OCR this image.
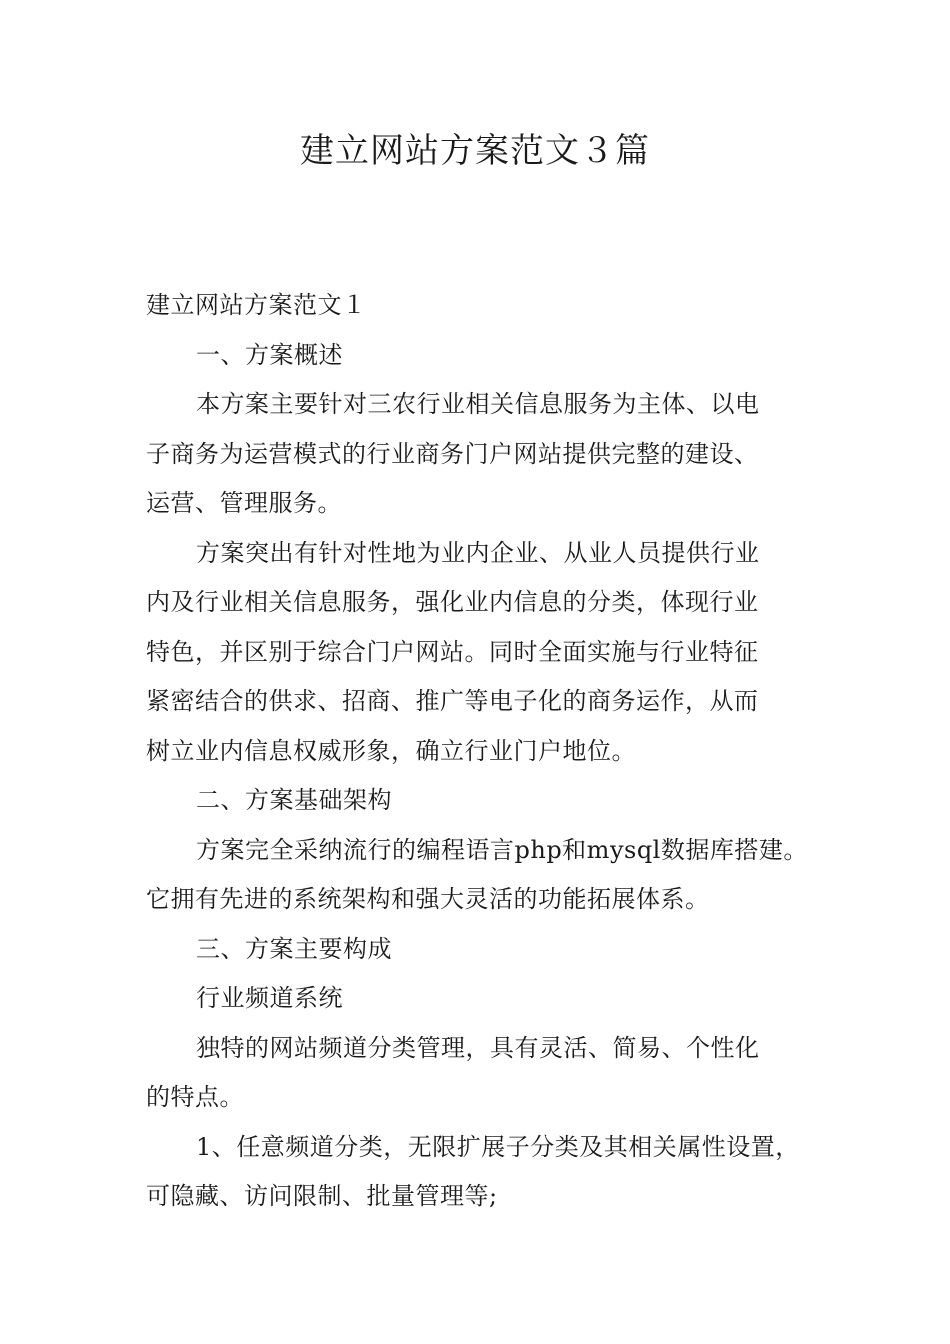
建立网站方案范文３篇
建立网站方案范文１
一、方案概述
本方案主要针对三农行业相关信息服务为主体、以电
子商务为运营模式的行业商务门户网站提供完整的建设、
运营、管理服务。
方案突出有针对性地为业内企业、从业人员提供行业
内及行业相关信息服务，强化业内信息的分类，体现行业
特色，并区别于综合门户网站。同时全面实施与行业特征
紧密结合的供求、招商、推广等电子化的商务运作，从而
树立业内信息权威形象，确立行业门户地位。
二、方案基础架构
方案完全采纳流行的编程语言php和mysql数据库搭建。
它拥有先进的系统架构和强大灵活的功能拓展体系。
三、方案主要构成
行业频道系统
独特的网站频道分类管理，具有灵活、简易、个性化
的特点。
1、任意频道分类，无限扩展子分类及其相关属性设置，
可隐藏、访问限制、批量管理等;
